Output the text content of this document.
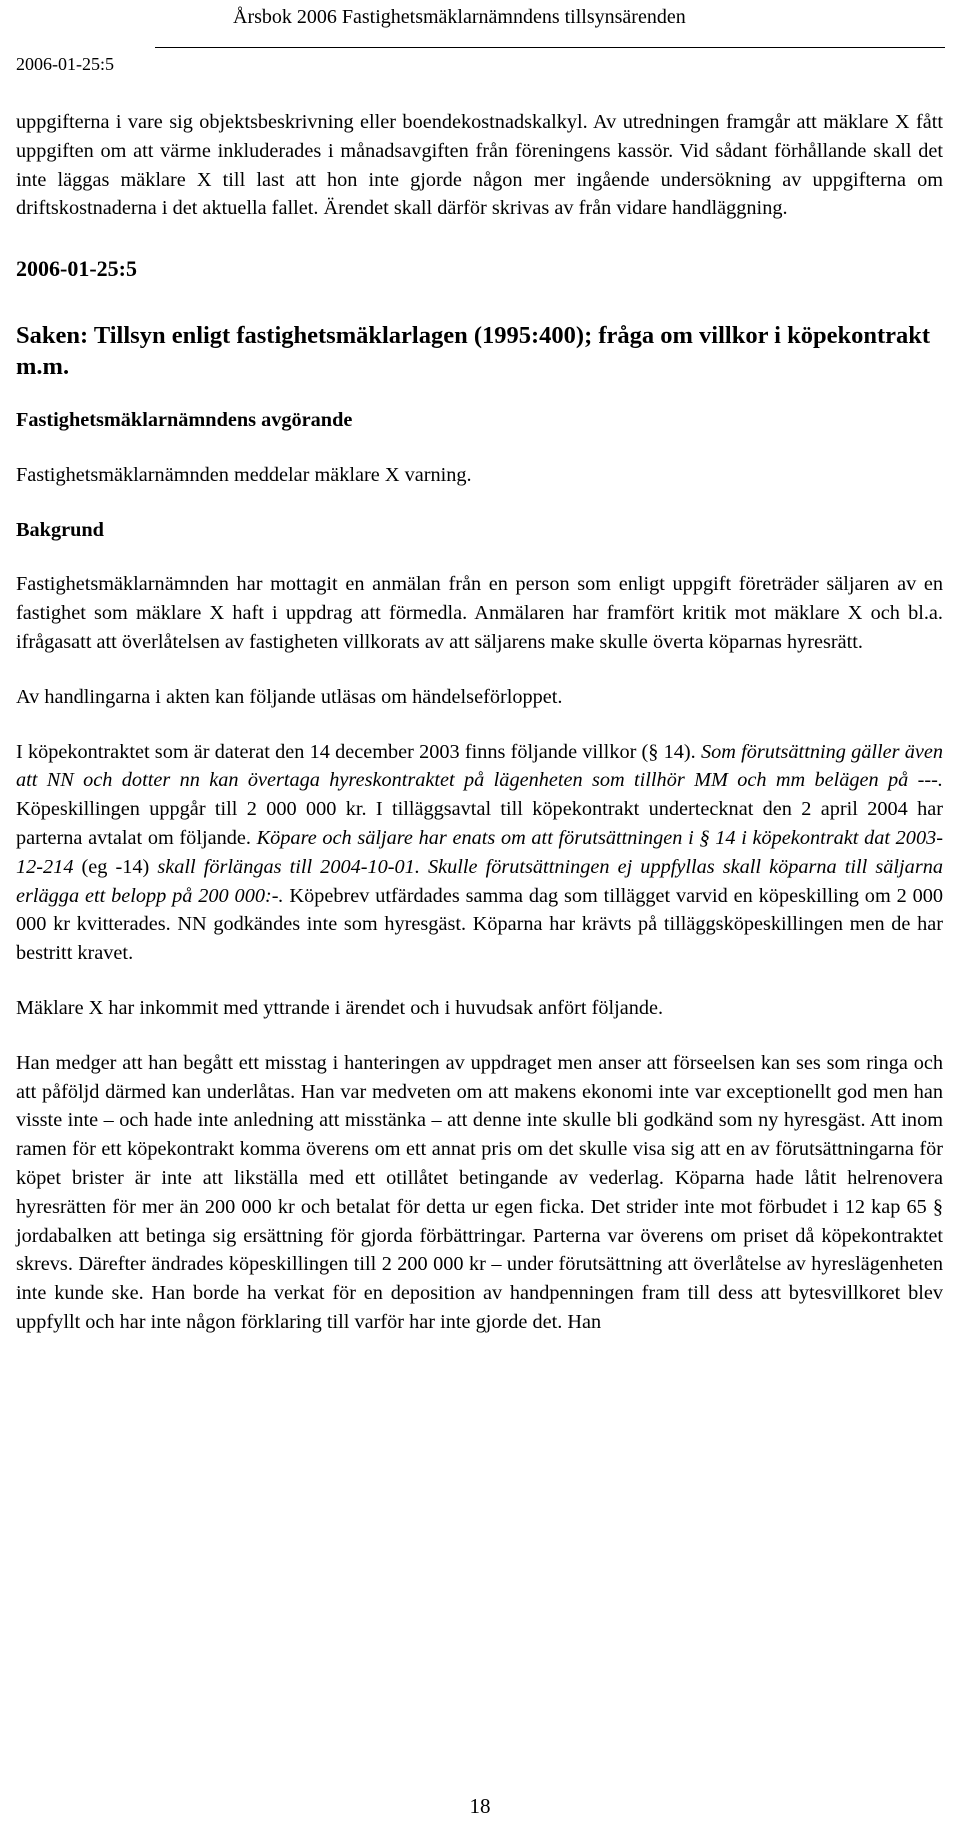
Årsbok 2006 Fastighetsmäklarnämndens tillsynsärenden
2006-01-25:5

uppgifterna i vare sig objektsbeskrivning eller boendekostnadskalkyl. Av utredningen framgår att mäklare X fått uppgiften om att värme inkluderades i månadsavgiften från föreningens kassör. Vid sådant förhållande skall det inte läggas mäklare X till last att hon inte gjorde någon mer ingående undersökning av uppgifterna om driftskostnaderna i det aktuella fallet. Ärendet skall därför skrivas av från vidare handläggning.

2006-01-25:5

Saken: Tillsyn enligt fastighetsmäklarlagen (1995:400); fråga om villkor i köpekontrakt m.m.

Fastighetsmäklarnämndens avgörande

Fastighetsmäklarnämnden meddelar mäklare X varning.

Bakgrund

Fastighetsmäklarnämnden har mottagit en anmälan från en person som enligt uppgift företräder säljaren av en fastighet som mäklare X haft i uppdrag att förmedla. Anmälaren har framfört kritik mot mäklare X och bl.a. ifrågasatt att överlåtelsen av fastigheten villkorats av att säljarens make skulle överta köparnas hyresrätt.

Av handlingarna i akten kan följande utläsas om händelseförloppet.

I köpekontraktet som är daterat den 14 december 2003 finns följande villkor (§ 14). Som förutsättning gäller även att NN och dotter nn kan övertaga hyreskontraktet på lägenheten som tillhör MM och mm belägen på ---. Köpeskillingen uppgår till 2 000 000 kr. I tilläggsavtal till köpekontrakt undertecknat den 2 april 2004 har parterna avtalat om följande. Köpare och säljare har enats om att förutsättningen i § 14 i köpekontrakt dat 2003-12-214 (eg -14) skall förlängas till 2004-10-01. Skulle förutsättningen ej uppfyllas skall köparna till säljarna erlägga ett belopp på 200 000:-. Köpebrev utfärdades samma dag som tillägget varvid en köpeskilling om 2 000 000 kr kvitterades. NN godkändes inte som hyresgäst. Köparna har krävts på tilläggsköpeskillingen men de har bestritt kravet.

Mäklare X har inkommit med yttrande i ärendet och i huvudsak anfört följande.

Han medger att han begått ett misstag i hanteringen av uppdraget men anser att förseelsen kan ses som ringa och att påföljd därmed kan underlåtas. Han var medveten om att makens ekonomi inte var exceptionellt god men han visste inte – och hade inte anledning att misstänka – att denne inte skulle bli godkänd som ny hyresgäst. Att inom ramen för ett köpekontrakt komma överens om ett annat pris om det skulle visa sig att en av förutsättningarna för köpet brister är inte att likställa med ett otillåtet betingande av vederlag. Köparna hade låtit helrenovera hyresrätten för mer än 200 000 kr och betalat för detta ur egen ficka. Det strider inte mot förbudet i 12 kap 65 § jordabalken att betinga sig ersättning för gjorda förbättringar. Parterna var överens om priset då köpekontraktet skrevs. Därefter ändrades köpeskillingen till 2 200 000 kr – under förutsättning att överlåtelse av hyreslägenheten inte kunde ske. Han borde ha verkat för en deposition av handpenningen fram till dess att bytesvillkoret blev uppfyllt och har inte någon förklaring till varför har inte gjorde det. Han

18
